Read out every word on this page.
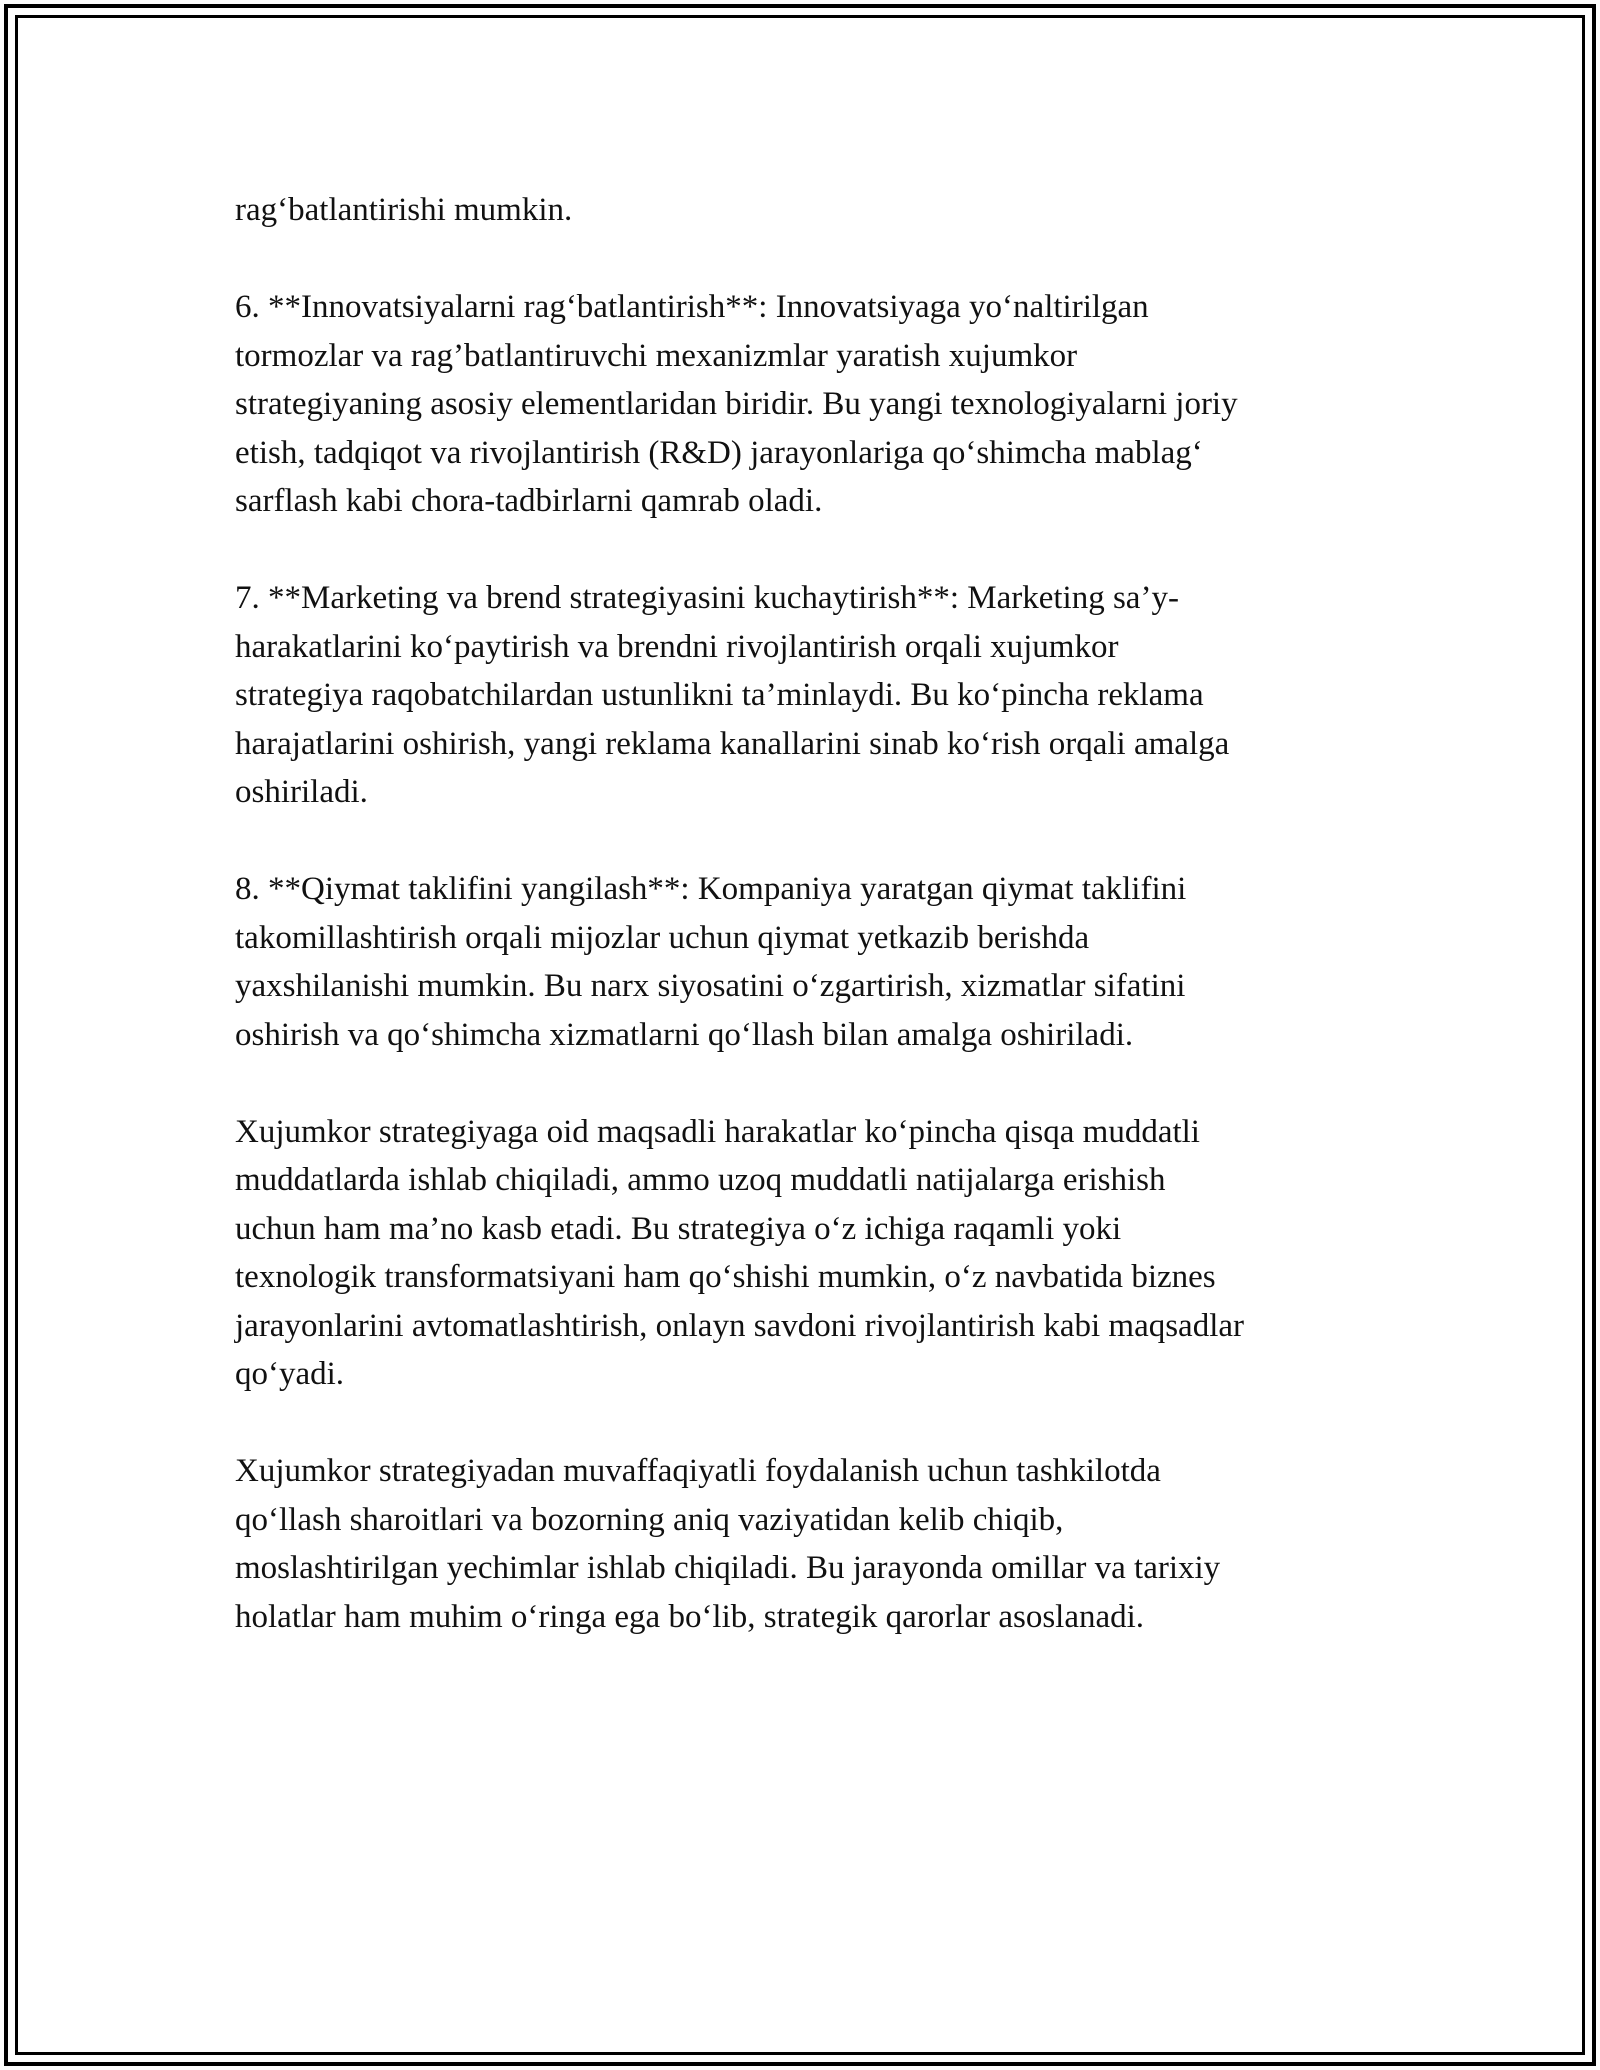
rag‘batlantirishi mumkin.

6. **Innovatsiyalarni rag‘batlantirish**: Innovatsiyaga yo‘naltirilgan
tormozlar va rag’batlantiruvchi mexanizmlar yaratish xujumkor
strategiyaning asosiy elementlaridan biridir. Bu yangi texnologiyalarni joriy
etish, tadqiqot va rivojlantirish (R&D) jarayonlariga qo‘shimcha mablag‘
sarflash kabi chora-tadbirlarni qamrab oladi.

7. **Marketing va brend strategiyasini kuchaytirish**: Marketing sa’y-
harakatlarini ko‘paytirish va brendni rivojlantirish orqali xujumkor
strategiya raqobatchilardan ustunlikni ta’minlaydi. Bu ko‘pincha reklama
harajatlarini oshirish, yangi reklama kanallarini sinab ko‘rish orqali amalga
oshiriladi.

8. **Qiymat taklifini yangilash**: Kompaniya yaratgan qiymat taklifini
takomillashtirish orqali mijozlar uchun qiymat yetkazib berishda
yaxshilanishi mumkin. Bu narx siyosatini o‘zgartirish, xizmatlar sifatini
oshirish va qo‘shimcha xizmatlarni qo‘llash bilan amalga oshiriladi.

Xujumkor strategiyaga oid maqsadli harakatlar ko‘pincha qisqa muddatli
muddatlarda ishlab chiqiladi, ammo uzoq muddatli natijalarga erishish
uchun ham ma’no kasb etadi. Bu strategiya o‘z ichiga raqamli yoki
texnologik transformatsiyani ham qo‘shishi mumkin, o‘z navbatida biznes
jarayonlarini avtomatlashtirish, onlayn savdoni rivojlantirish kabi maqsadlar
qo‘yadi.

Xujumkor strategiyadan muvaffaqiyatli foydalanish uchun tashkilotda
qo‘llash sharoitlari va bozorning aniq vaziyatidan kelib chiqib,
moslashtirilgan yechimlar ishlab chiqiladi. Bu jarayonda omillar va tarixiy
holatlar ham muhim o‘ringa ega bo‘lib, strategik qarorlar asoslanadi.
